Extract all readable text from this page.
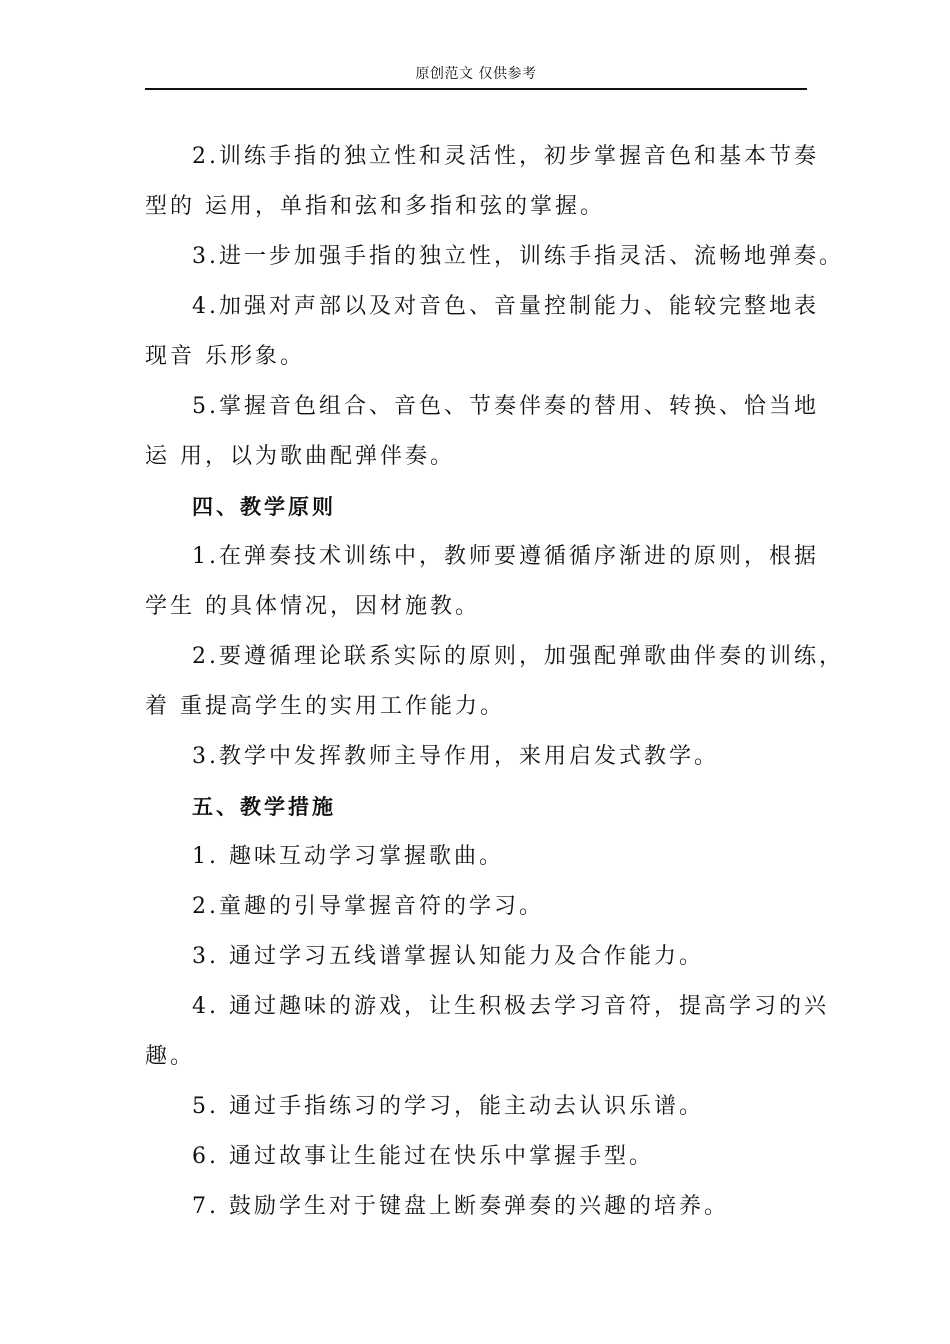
原创范文 仅供参考

2.训练手指的独立性和灵活性，初步掌握音色和基本节奏

型的 运用，单指和弦和多指和弦的掌握。

3.进一步加强手指的独立性，训练手指灵活、流畅地弹奏。

4.加强对声部以及对音色、音量控制能力、能较完整地表

现音 乐形象。

5.掌握音色组合、音色、节奏伴奏的替用、转换、恰当地

运 用，以为歌曲配弹伴奏。

四、教学原则

1.在弹奏技术训练中，教师要遵循循序渐进的原则，根据

学生 的具体情况，因材施教。

2.要遵循理论联系实际的原则，加强配弹歌曲伴奏的训练，

着 重提高学生的实用工作能力。

3.教学中发挥教师主导作用，来用启发式教学。

五、教学措施

1. 趣味互动学习掌握歌曲。

2.童趣的引导掌握音符的学习。

3. 通过学习五线谱掌握认知能力及合作能力。

4. 通过趣味的游戏，让生积极去学习音符，提高学习的兴

趣。

5. 通过手指练习的学习，能主动去认识乐谱。

6. 通过故事让生能过在快乐中掌握手型。

7. 鼓励学生对于键盘上断奏弹奏的兴趣的培养。
